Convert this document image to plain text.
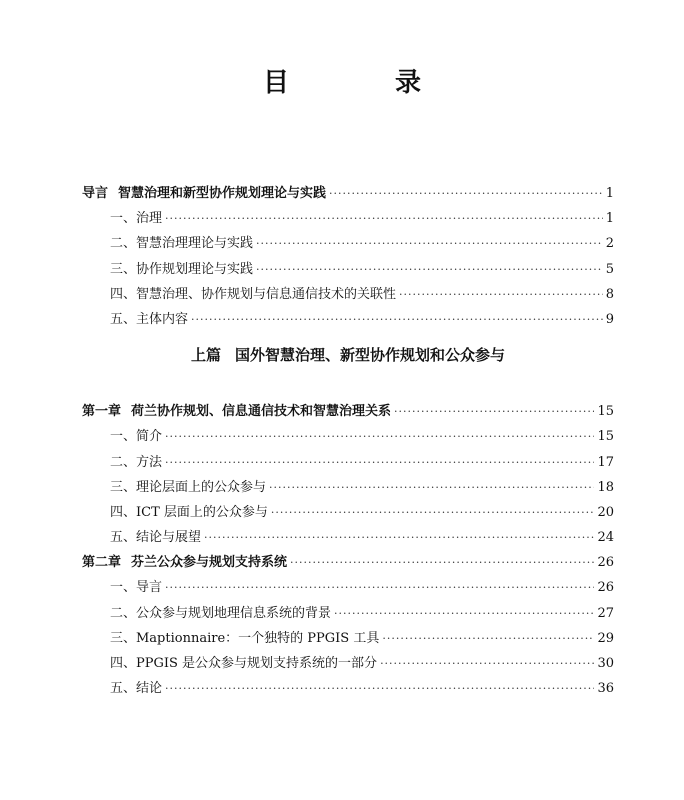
目　录
导言 智慧治理和新型协作规划理论与实践 ·····	1
一、治理 ·····	1
二、智慧治理理论与实践 ·····	2
三、协作规划理论与实践 ·····	5
四、智慧治理、协作规划与信息通信技术的关联性 ·····	8
五、主体内容 ·····	9
上篇 国外智慧治理、新型协作规划和公众参与
第一章 荷兰协作规划、信息通信技术和智慧治理关系 ·····	15
一、简介 ·····	15
二、方法 ·····	17
三、理论层面上的公众参与 ·····	18
四、ICT 层面上的公众参与 ·····	20
五、结论与展望 ·····	24
第二章 芬兰公众参与规划支持系统 ·····	26
一、导言 ·····	26
二、公众参与规划地理信息系统的背景 ·····	27
三、Maptionnaire：一个独特的 PPGIS 工具 ·····	29
四、PPGIS 是公众参与规划支持系统的一部分 ·····	30
五、结论 ·····	36
